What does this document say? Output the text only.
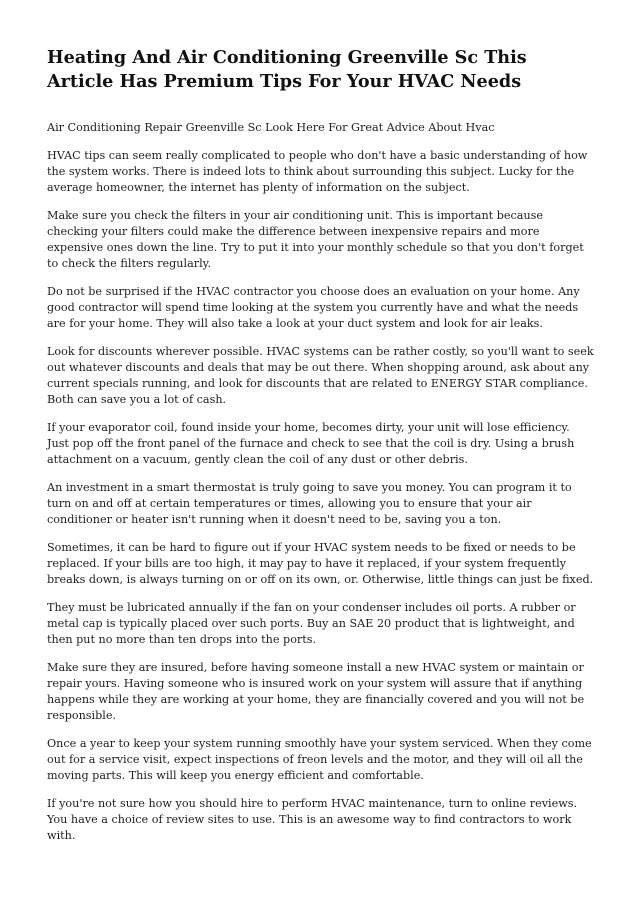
Heating And Air Conditioning Greenville Sc This Article Has Premium Tips For Your HVAC Needs

Air Conditioning Repair Greenville Sc Look Here For Great Advice About Hvac

HVAC tips can seem really complicated to people who don't have a basic understanding of how the system works. There is indeed lots to think about surrounding this subject. Lucky for the average homeowner, the internet has plenty of information on the subject.

Make sure you check the filters in your air conditioning unit. This is important because checking your filters could make the difference between inexpensive repairs and more expensive ones down the line. Try to put it into your monthly schedule so that you don't forget to check the filters regularly.

Do not be surprised if the HVAC contractor you choose does an evaluation on your home. Any good contractor will spend time looking at the system you currently have and what the needs are for your home. They will also take a look at your duct system and look for air leaks.

Look for discounts wherever possible. HVAC systems can be rather costly, so you'll want to seek out whatever discounts and deals that may be out there. When shopping around, ask about any current specials running, and look for discounts that are related to ENERGY STAR compliance. Both can save you a lot of cash.

If your evaporator coil, found inside your home, becomes dirty, your unit will lose efficiency. Just pop off the front panel of the furnace and check to see that the coil is dry. Using a brush attachment on a vacuum, gently clean the coil of any dust or other debris.

An investment in a smart thermostat is truly going to save you money. You can program it to turn on and off at certain temperatures or times, allowing you to ensure that your air conditioner or heater isn't running when it doesn't need to be, saving you a ton.

Sometimes, it can be hard to figure out if your HVAC system needs to be fixed or needs to be replaced. If your bills are too high, it may pay to have it replaced, if your system frequently breaks down, is always turning on or off on its own, or. Otherwise, little things can just be fixed.

They must be lubricated annually if the fan on your condenser includes oil ports. A rubber or metal cap is typically placed over such ports. Buy an SAE 20 product that is lightweight, and then put no more than ten drops into the ports.

Make sure they are insured, before having someone install a new HVAC system or maintain or repair yours. Having someone who is insured work on your system will assure that if anything happens while they are working at your home, they are financially covered and you will not be responsible.

Once a year to keep your system running smoothly have your system serviced. When they come out for a service visit, expect inspections of freon levels and the motor, and they will oil all the moving parts. This will keep you energy efficient and comfortable.

If you're not sure how you should hire to perform HVAC maintenance, turn to online reviews. You have a choice of review sites to use. This is an awesome way to find contractors to work with.
